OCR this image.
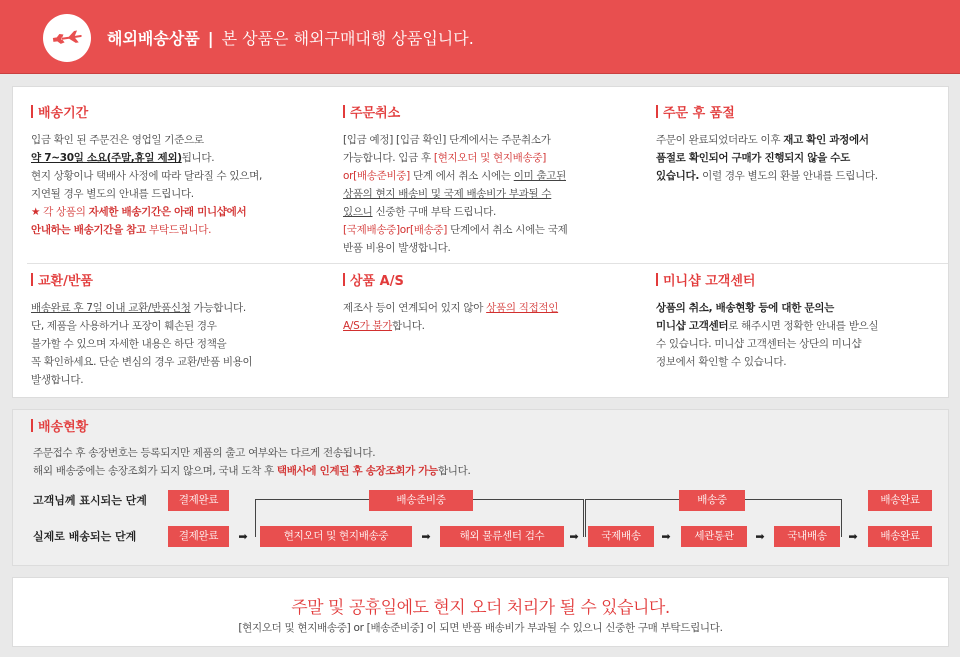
해외배송상품 | 본 상품은 해외구매대행 상품입니다.
배송기간

입금 확인 된 주문건은 영업일 기준으로

약 7~30일 소요(주말,휴일 제외)됩니다.

현지 상황이나 택배사 사정에 따라 달라질 수 있으며,

지연될 경우 별도의 안내를 드립니다.

★ 각 상품의 자세한 배송기간은 아래 미니샵에서

안내하는 배송기간을 참고 부탁드립니다.

주문취소

[입금 예정] [입금 확인] 단계에서는 주문취소가

가능합니다. 입금 후 [현지오더 및 현지배송중]

or[배송준비중] 단계 에서 취소 시에는 이미 출고된

상품의 현지 배송비 및 국제 배송비가 부과될 수

있으니 신중한 구매 부탁 드립니다.

[국제배송중]or[배송중] 단계에서 취소 시에는 국제

반품 비용이 발생합니다.

주문 후 품절

주문이 완료되었더라도 이후 재고 확인 과정에서

품절로 확인되어 구매가 진행되지 않을 수도

있습니다. 이럴 경우 별도의 환불 안내를 드립니다.

교환/반품

배송완료 후 7일 이내 교환/반품신청 가능합니다.

단, 제품을 사용하거나 포장이 훼손된 경우

불가할 수 있으며 자세한 내용은 하단 정책을

꼭 확인하세요. 단순 변심의 경우 교환/반품 비용이

발생합니다.

상품 A/S

제조사 등이 연계되어 있지 않아 상품의 직접적인

A/S가 불가합니다.

미니샵 고객센터

상품의 취소, 배송현황 등에 대한 문의는

미니샵 고객센터로 해주시면 정확한 안내를 받으실

수 있습니다. 미니샵 고객센터는 상단의 미니샵

정보에서 확인할 수 있습니다.

배송현황

주문접수 후 송장번호는 등록되지만 제품의 출고 여부와는 다르게 전송됩니다.

해외 배송중에는 송장조회가 되지 않으며, 국내 도착 후 택배사에 인계된 후 송장조회가 가능합니다.

고객님께 표시되는 단계
실제로 배송되는 단계
결제완료	배송준비중	배송중	배송완료
결제완료	➡	현지오더 및 현지배송중	➡	해외 물류센터 검수	➡	국제배송	➡	세관통관	➡	국내배송	➡	배송완료
주말 및 공휴일에도 현지 오더 처리가 될 수 있습니다.
[현지오더 및 현지배송중] or [배송준비중] 이 되면 반품 배송비가 부과될 수 있으니 신중한 구매 부탁드립니다.
